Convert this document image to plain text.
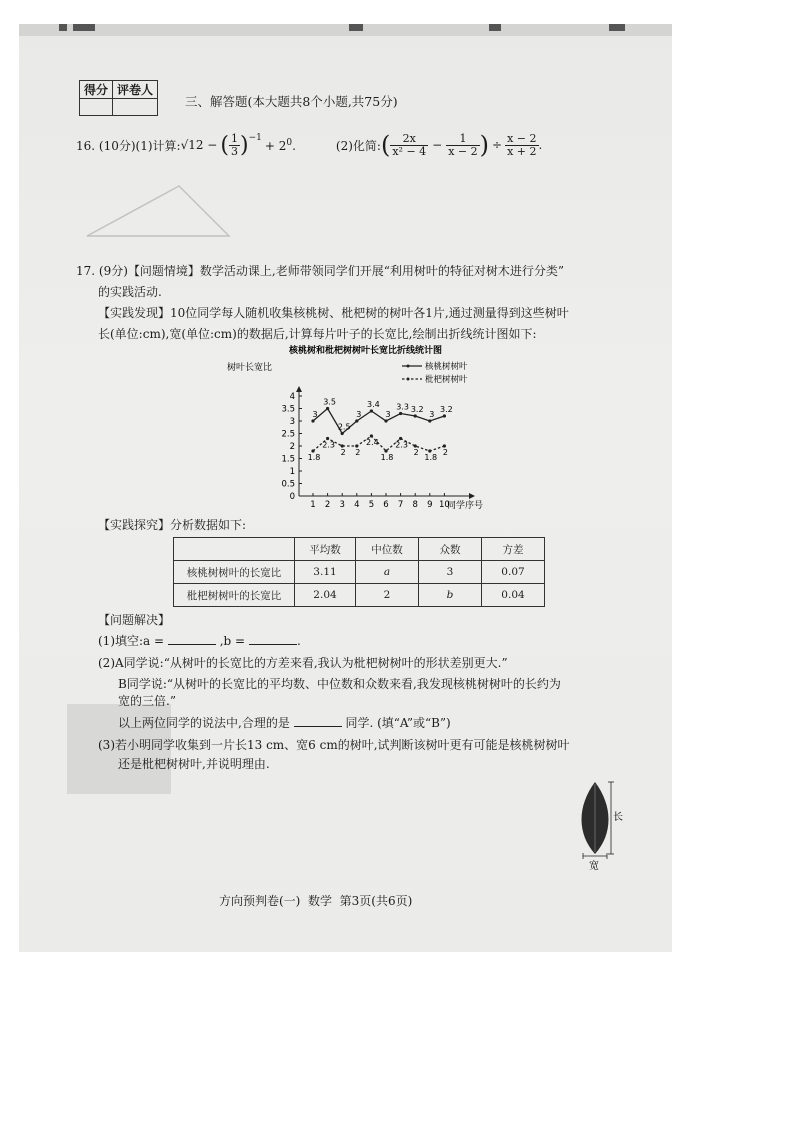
得分	评卷人

三、解答题(本大题共8个小题,共75分)
16. (10分)(1)计算: √12 − ( 1
3 )$^{-1}$
+ $2^0$.	(2)化简: ( 2x
$x^2 - 4 - \frac{1}{x - 2}$ ) ÷ $\frac{x - 2}{x + 2}$ .
17. (9分)【问题情境】数学活动课上,老师带领同学们开展“利用树叶的特征对树木进行分类”
的实践活动.
【实践发现】10位同学每人随机收集核桃树、枇杷树的树叶各1片,通过测量得到这些树叶
长(单位:cm),宽(单位:cm)的数据后,计算每片叶子的长宽比,绘制出折线统计图如下:
核桃树和枇杷树树叶长宽比折线统计图
树叶长宽比
同学序号
核桃树树叶
枇杷树树叶
0
0.5
1
1.5
2
2.5
3
3.5
4
1 2 3 4 5 6 7 8 9 10
3
3.5
2.5
3
3.4
3
3.3 3.2
3
3.2
1.8
2.3
2 2
2.4
1.8
2.3
2
1.8
2
【实践探究】分析数据如下:
	平均数	中位数	众数	方差
核桃树树叶的长宽比	3.11	a	3	0.07
枇杷树树叶的长宽比	2.04	2	b	0.04
【问题解决】
(1)填空:a =	,b =	.
(2)A同学说:“从树叶的长宽比的方差来看,我认为枇杷树树叶的形状差别更大.”
B同学说:“从树叶的长宽比的平均数、中位数和众数来看,我发现核桃树树叶的长约为
宽的三倍.”
以上两位同学的说法中,合理的是	同学. (填“A”或“B”)
(3)若小明同学收集到一片长13 cm、宽6 cm的树叶,试判断该树叶更有可能是核桃树树叶
还是枇杷树树叶,并说明理由.
长
宽
方向预判卷(一)  数学  第3页(共6页)
